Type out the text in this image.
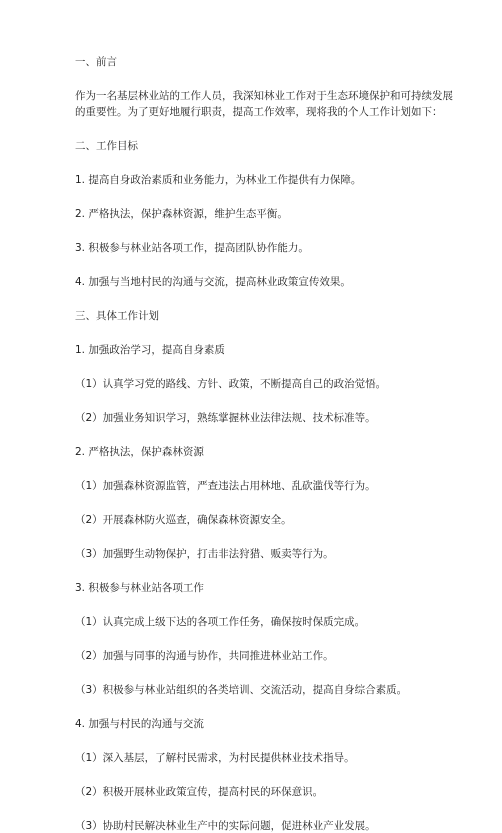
一、前言

作为一名基层林业站的工作人员，我深知林业工作对于生态环境保护和可持续发展

的重要性。为了更好地履行职责，提高工作效率，现将我的个人工作计划如下：

二、工作目标

1. 提高自身政治素质和业务能力，为林业工作提供有力保障。

2. 严格执法，保护森林资源，维护生态平衡。

3. 积极参与林业站各项工作，提高团队协作能力。

4. 加强与当地村民的沟通与交流，提高林业政策宣传效果。

三、具体工作计划

1. 加强政治学习，提高自身素质

（1）认真学习党的路线、方针、政策，不断提高自己的政治觉悟。

（2）加强业务知识学习，熟练掌握林业法律法规、技术标准等。

2. 严格执法，保护森林资源

（1）加强森林资源监管，严查违法占用林地、乱砍滥伐等行为。

（2）开展森林防火巡查，确保森林资源安全。

（3）加强野生动物保护，打击非法狩猎、贩卖等行为。

3. 积极参与林业站各项工作

（1）认真完成上级下达的各项工作任务，确保按时保质完成。

（2）加强与同事的沟通与协作，共同推进林业站工作。

（3）积极参与林业站组织的各类培训、交流活动，提高自身综合素质。

4. 加强与村民的沟通与交流

（1）深入基层，了解村民需求，为村民提供林业技术指导。

（2）积极开展林业政策宣传，提高村民的环保意识。

（3）协助村民解决林业生产中的实际问题，促进林业产业发展。
